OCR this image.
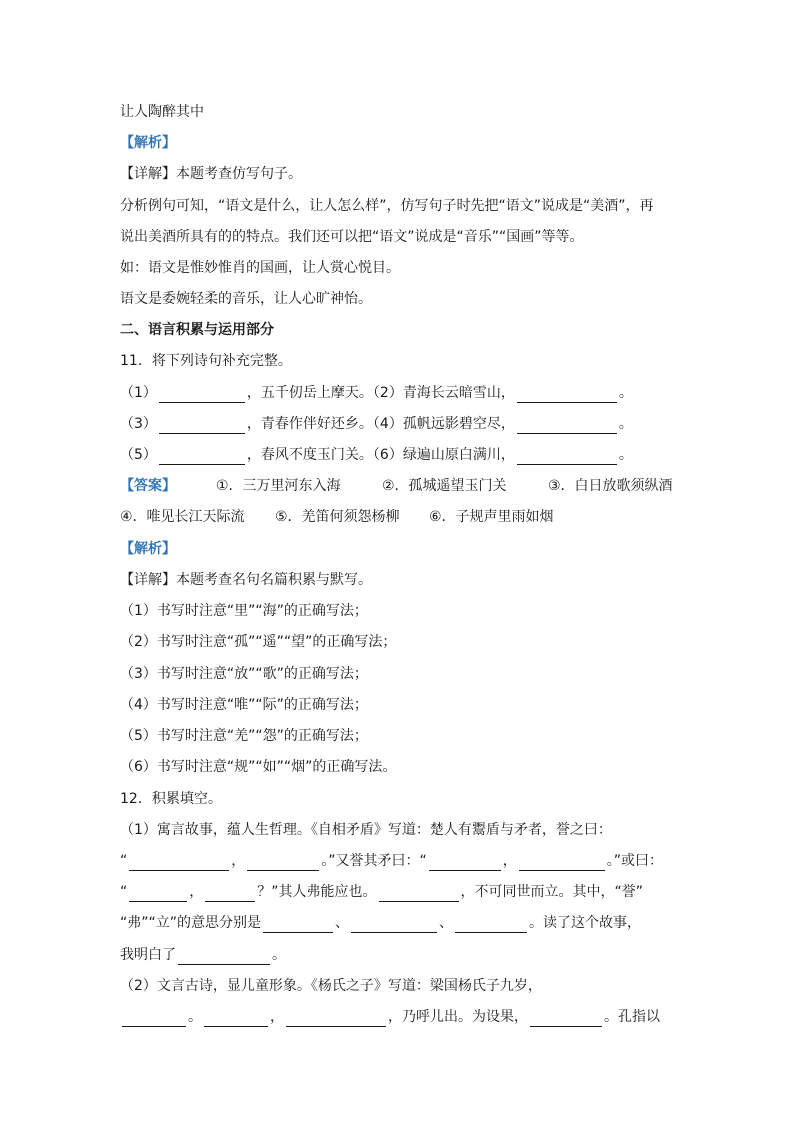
让人陶醉其中
【解析】
【详解】本题考查仿写句子。
分析例句可知，“语文是什么，让人怎么样”，仿写句子时先把“语文”说成是“美酒”，再
说出美酒所具有的的特点。我们还可以把“语文”说成是“音乐”“国画”等等。
如：语文是惟妙惟肖的国画，让人赏心悦目。
语文是委婉轻柔的音乐，让人心旷神怡。
二、语言积累与运用部分
11．将下列诗句补充完整。
（1）	，五千仞岳上摩天。（2）青海长云暗雪山，	。
（3）	，青春作伴好还乡。（4）孤帆远影碧空尽，	。
（5）	，春风不度玉门关。（6）绿遍山原白满川，	。
【答案】	①．三万里河东入海	②．孤城遥望玉门关	③．白日放歌须纵酒
④．唯见长江天际流 ⑤．羌笛何须怨杨柳 ⑥．子规声里雨如烟
【解析】
【详解】本题考查名句名篇积累与默写。
（1）书写时注意“里”“海”的正确写法；
（2）书写时注意“孤”“遥”“望”的正确写法；
（3）书写时注意“放”“歌”的正确写法；
（4）书写时注意“唯”“际”的正确写法；
（5）书写时注意“羌”“怨”的正确写法；
（6）书写时注意“规”“如”“烟”的正确写法。
12．积累填空。
（1）寓言故事，蕴人生哲理。《自相矛盾》写道：楚人有鬻盾与矛者，誉之曰：
“	，	。”又誉其矛曰：“	，	。”或曰：
“	，	？”其人弗能应也。	，不可同世而立。其中，“誉”
“弗”“立”的意思分别是	、	、	。读了这个故事，
我明白了	。
（2）文言古诗，显儿童形象。《杨氏之子》写道：梁国杨氏子九岁，
。	，	，乃呼儿出。为设果，	。孔指以
